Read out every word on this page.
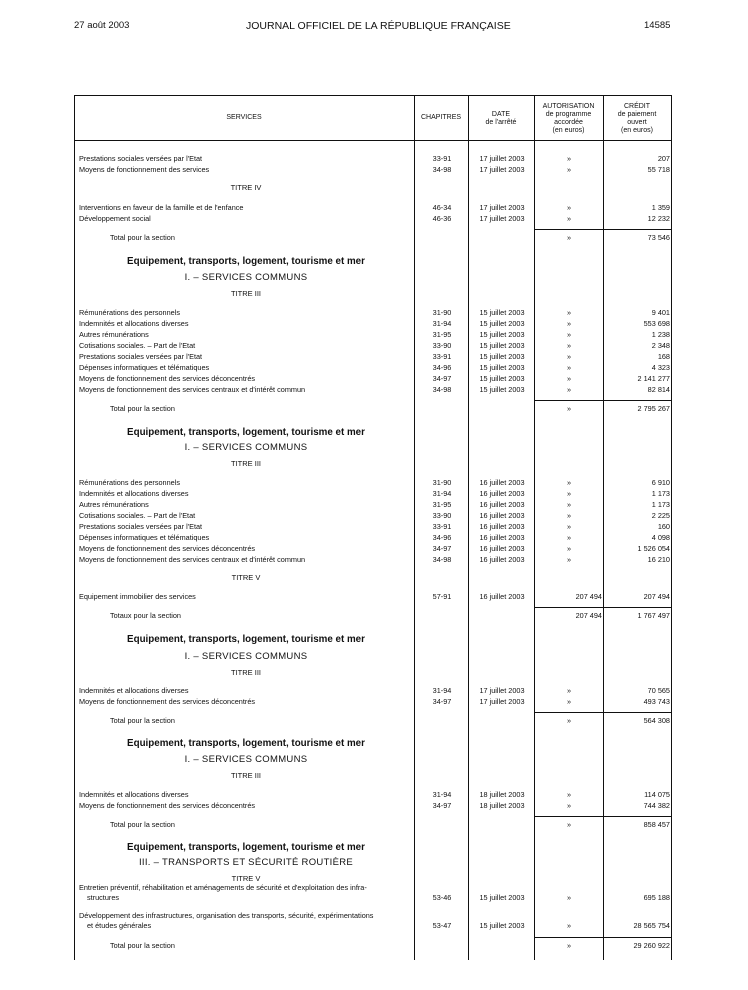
27 août 2003	JOURNAL OFFICIEL DE LA RÉPUBLIQUE FRANÇAISE	14585
SERVICES	CHAPITRES	DATE
de l'arrêté
AUTORISATION
de programme
accordée
(en euros)
CRÉDIT
de paiement
ouvert
(en euros)
Prestations sociales versées par l'Etat	33-91	17 juillet 2003	»	207
Moyens de fonctionnement des services	34-98	17 juillet 2003	»	55 718
TITRE IV
Interventions en faveur de la famille et de l'enfance	46-34	17 juillet 2003	»	1 359
Développement social	46-36	17 juillet 2003	»	12 232
Total pour la section	»	73 546
Equipement, transports, logement, tourisme et mer
I. – SERVICES COMMUNS
TITRE III
Rémunérations des personnels	31-90	15 juillet 2003	»	9 401
Indemnités et allocations diverses	31-94	15 juillet 2003	»	553 698
Autres rémunérations	31-95	15 juillet 2003	»	1 238
Cotisations sociales. – Part de l'Etat	33-90	15 juillet 2003	»	2 348
Prestations sociales versées par l'Etat	33-91	15 juillet 2003	»	168
Dépenses informatiques et télématiques	34-96	15 juillet 2003	»	4 323
Moyens de fonctionnement des services déconcentrés	34-97	15 juillet 2003	»	2 141 277
Moyens de fonctionnement des services centraux et d'intérêt commun	34-98	15 juillet 2003	»	82 814
Total pour la section	»	2 795 267
Equipement, transports, logement, tourisme et mer
I. – SERVICES COMMUNS
TITRE III
Rémunérations des personnels	31-90	16 juillet 2003	»	6 910
Indemnités et allocations diverses	31-94	16 juillet 2003	»	1 173
Autres rémunérations	31-95	16 juillet 2003	»	1 173
Cotisations sociales. – Part de l'Etat	33-90	16 juillet 2003	»	2 225
Prestations sociales versées par l'Etat	33-91	16 juillet 2003	»	160
Dépenses informatiques et télématiques	34-96	16 juillet 2003	»	4 098
Moyens de fonctionnement des services déconcentrés	34-97	16 juillet 2003	»	1 526 054
Moyens de fonctionnement des services centraux et d'intérêt commun	34-98	16 juillet 2003	»	16 210
TITRE V
Equipement immobilier des services	57-91	16 juillet 2003	207 494	207 494
Totaux pour la section	207 494	1 767 497
Equipement, transports, logement, tourisme et mer
I. – SERVICES COMMUNS
TITRE III
Indemnités et allocations diverses	31-94	17 juillet 2003	»	70 565
Moyens de fonctionnement des services déconcentrés	34-97	17 juillet 2003	»	493 743
Total pour la section	»	564 308
Equipement, transports, logement, tourisme et mer
I. – SERVICES COMMUNS
TITRE III
Indemnités et allocations diverses	31-94	18 juillet 2003	»	114 075
Moyens de fonctionnement des services déconcentrés	34-97	18 juillet 2003	»	744 382
Total pour la section	»	858 457
Equipement, transports, logement, tourisme et mer
III. – TRANSPORTS ET SÉCURITÉ ROUTIÈRE
TITRE V
Entretien préventif, réhabilitation et aménagements de sécurité et d'exploitation des infra-
structures	53-46	15 juillet 2003	»	695 188
Développement des infrastructures, organisation des transports, sécurité, expérimentations
et études générales	53-47	15 juillet 2003	»	28 565 754
Total pour la section	»	29 260 922
